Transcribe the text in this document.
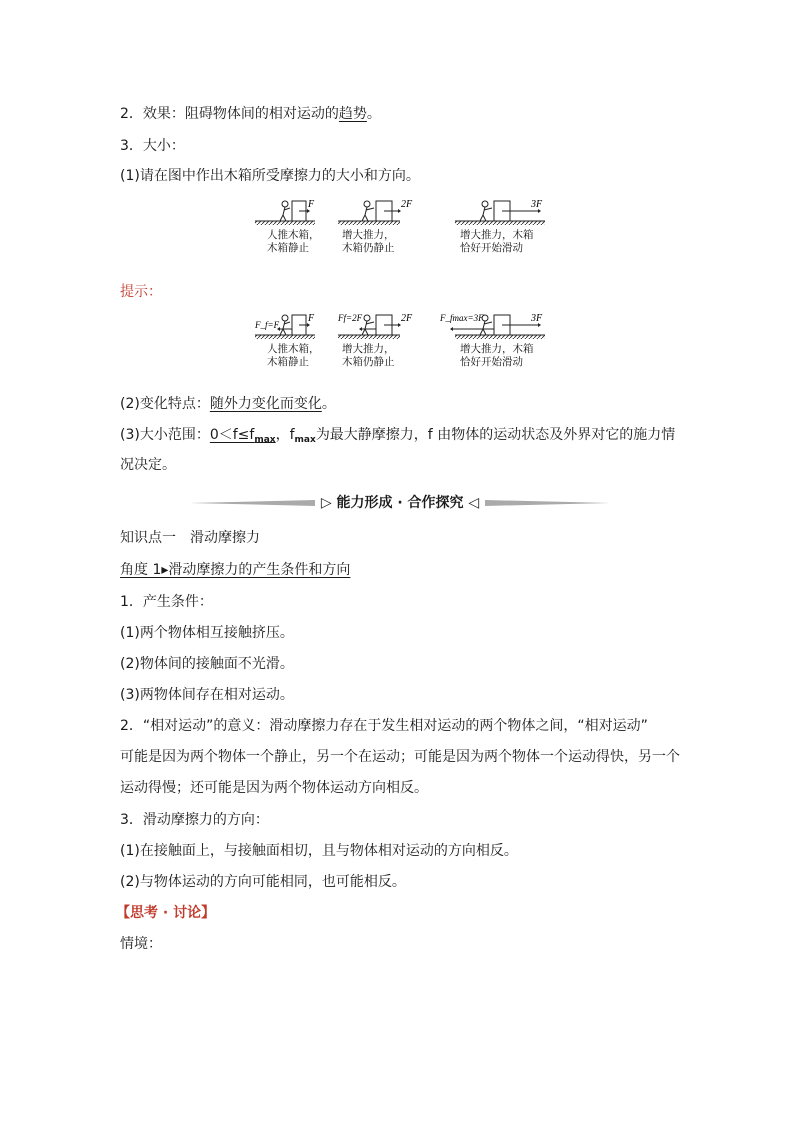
2．效果：阻碍物体间的相对运动的趋势。
3．大小：
(1)请在图中作出木箱所受摩擦力的大小和方向。
F
人推木箱，
木箱静止
2F
增大推力，
木箱仍静止
3F
增大推力，木箱
恰好开始滑动
提示：
F
F_f=F
人推木箱，
木箱静止
2F
Ff=2F
增大推力，
木箱仍静止
3F
F_fmax=3F
增大推力，木箱
恰好开始滑动
(2)变化特点：随外力变化而变化。
(3)大小范围：$0<f\le f_{max}$，$f_{max}$为最大静摩擦力，f 由物体的运动状态及外界对它的施力情
况决定。
▷ 能力形成 · 合作探究 ◁
知识点一　滑动摩擦力
角度 1▸滑动摩擦力的产生条件和方向
1．产生条件：
(1)两个物体相互接触挤压。
(2)物体间的接触面不光滑。
(3)两物体间存在相对运动。
2．“相对运动”的意义：滑动摩擦力存在于发生相对运动的两个物体之间，“相对运动”
可能是因为两个物体一个静止，另一个在运动；可能是因为两个物体一个运动得快，另一个
运动得慢；还可能是因为两个物体运动方向相反。
3．滑动摩擦力的方向：
(1)在接触面上，与接触面相切，且与物体相对运动的方向相反。
(2)与物体运动的方向可能相同，也可能相反。
【思考 · 讨论】
情境：
